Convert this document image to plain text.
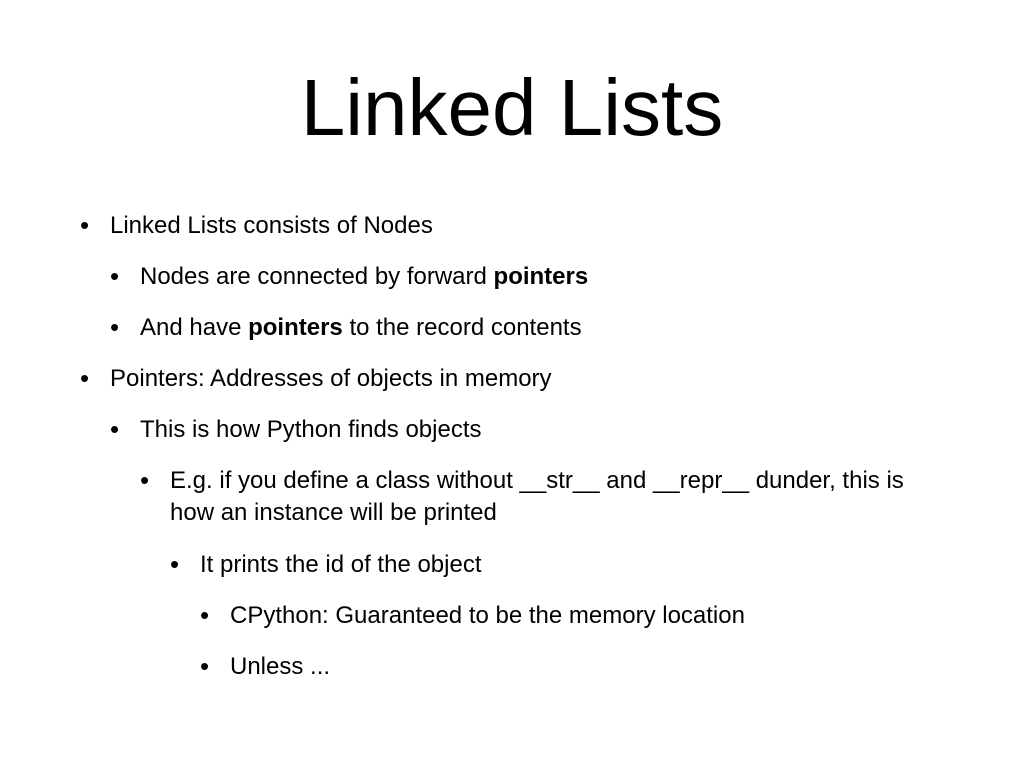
Linked Lists
• Linked Lists consists of Nodes
• Nodes are connected by forward pointers
• And have pointers to the record contents
• Pointers: Addresses of objects in memory
• This is how Python finds objects
• E.g. if you define a class without __str__ and __repr__ dunder, this is how an instance will be printed
• It prints the id of the object
• CPython: Guaranteed to be the memory location
• Unless ...
